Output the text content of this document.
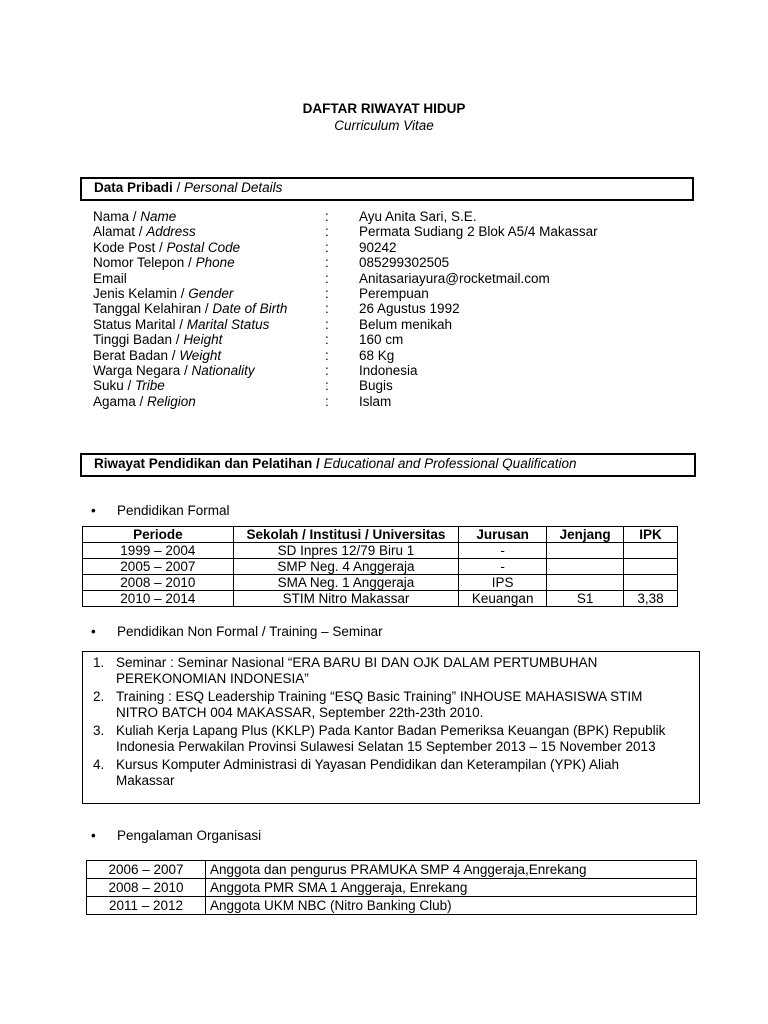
DAFTAR RIWAYAT HIDUP
Curriculum Vitae
Data Pribadi / Personal Details
Nama / Name	: Ayu Anita Sari, S.E.
Alamat / Address	: Permata Sudiang 2 Blok A5/4 Makassar
Kode Post / Postal Code	: 90242
Nomor Telepon / Phone	: 085299302505
Email	: Anitasariayura@rocketmail.com
Jenis Kelamin / Gender	: Perempuan
Tanggal Kelahiran / Date of Birth	: 26 Agustus 1992
Status Marital / Marital Status	: Belum menikah
Tinggi Badan / Height	: 160 cm
Berat Badan / Weight	: 68 Kg
Warga Negara / Nationality	: Indonesia
Suku / Tribe	: Bugis
Agama / Religion	: Islam
Riwayat Pendidikan dan Pelatihan / Educational and Professional Qualification
• Pendidikan Formal
Periode	Sekolah / Institusi / Universitas	Jurusan	Jenjang	IPK
1999 – 2004	SD Inpres 12/79 Biru 1	-		
2005 – 2007	SMP Neg. 4 Anggeraja	-		
2008 – 2010	SMA Neg. 1 Anggeraja	IPS		
2010 – 2014	STIM Nitro Makassar	Keuangan	S1	3,38
• Pendidikan Non Formal / Training – Seminar
1. Seminar : Seminar Nasional “ERA BARU BI DAN OJK DALAM PERTUMBUHAN PEREKONOMIAN INDONESIA”
2. Training : ESQ Leadership Training “ESQ Basic Training” INHOUSE MAHASISWA STIM NITRO BATCH 004 MAKASSAR, September 22th-23th 2010.
3. Kuliah Kerja Lapang Plus (KKLP) Pada Kantor Badan Pemeriksa Keuangan (BPK) Republik Indonesia Perwakilan Provinsi Sulawesi Selatan 15 September 2013 – 15 November 2013
4. Kursus Komputer Administrasi di Yayasan Pendidikan dan Keterampilan (YPK) Aliah Makassar
• Pengalaman Organisasi
2006 – 2007	Anggota dan pengurus PRAMUKA SMP 4 Anggeraja,Enrekang
2008 – 2010	Anggota PMR SMA 1 Anggeraja, Enrekang
2011 – 2012	Anggota UKM NBC (Nitro Banking Club)
